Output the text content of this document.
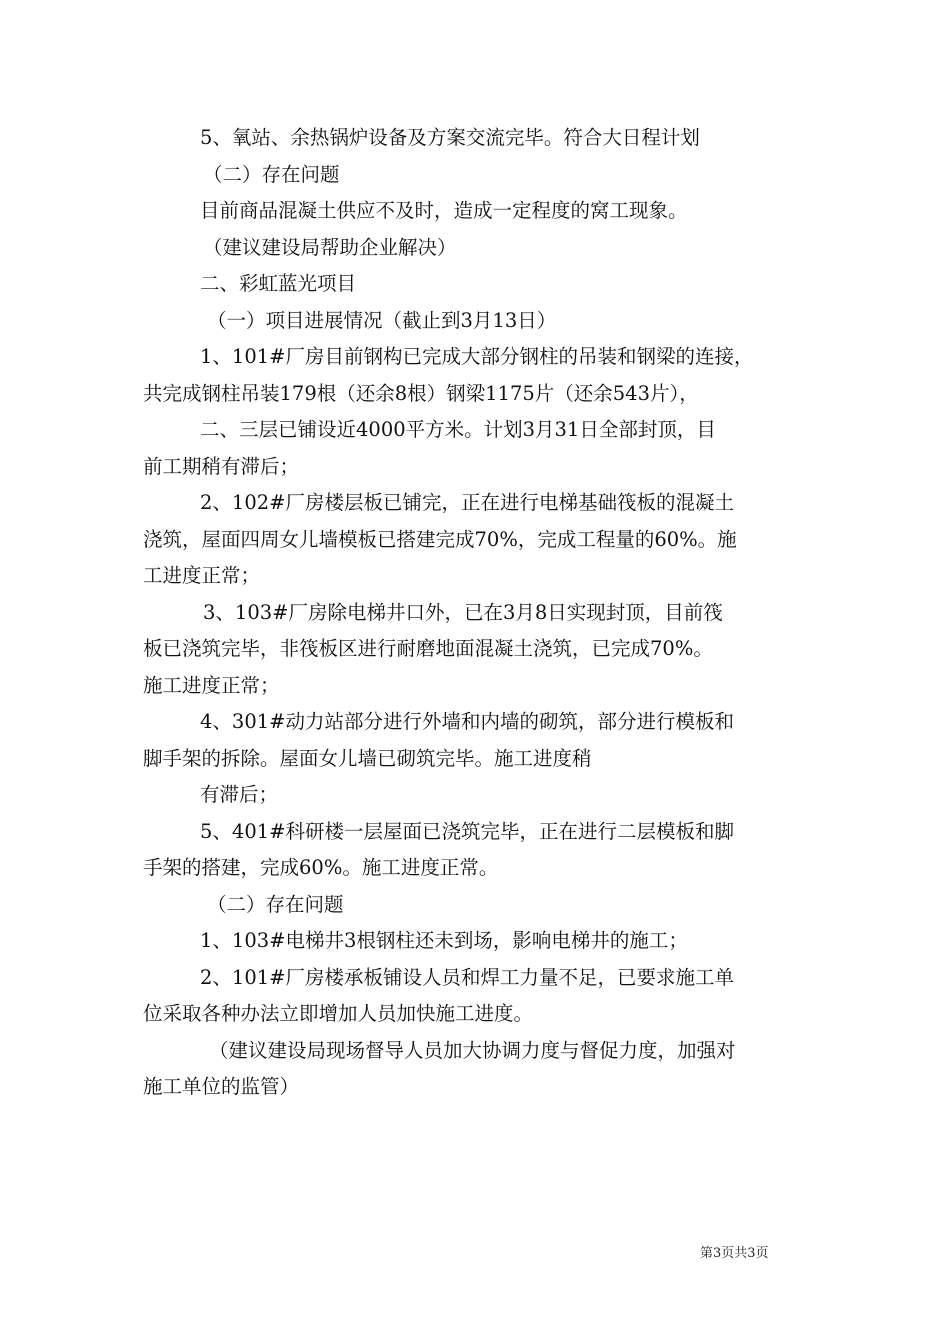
5、氧站、余热锅炉设备及方案交流完毕。符合大日程计划
（二）存在问题
目前商品混凝土供应不及时，造成一定程度的窝工现象。
（建议建设局帮助企业解决）
二、彩虹蓝光项目
（一）项目进展情况（截止到3月13日）
1、101#厂房目前钢构已完成大部分钢柱的吊装和钢梁的连接，
共完成钢柱吊装179根（还余8根）钢梁1175片（还余543片），
二、三层已铺设近4000平方米。计划3月31日全部封顶，目
前工期稍有滞后；
2、102#厂房楼层板已铺完，正在进行电梯基础筏板的混凝土
浇筑，屋面四周女儿墙模板已搭建完成70%，完成工程量的60%。施
工进度正常；
3、103#厂房除电梯井口外，已在3月8日实现封顶，目前筏
板已浇筑完毕，非筏板区进行耐磨地面混凝土浇筑，已完成70%。
施工进度正常；
4、301#动力站部分进行外墙和内墙的砌筑，部分进行模板和
脚手架的拆除。屋面女儿墙已砌筑完毕。施工进度稍
有滞后；
5、401#科研楼一层屋面已浇筑完毕，正在进行二层模板和脚
手架的搭建，完成60%。施工进度正常。
（二）存在问题
1、103#电梯井3根钢柱还未到场，影响电梯井的施工；
2、101#厂房楼承板铺设人员和焊工力量不足，已要求施工单
位采取各种办法立即增加人员加快施工进度。
（建议建设局现场督导人员加大协调力度与督促力度，加强对
施工单位的监管）
第3页共3页
